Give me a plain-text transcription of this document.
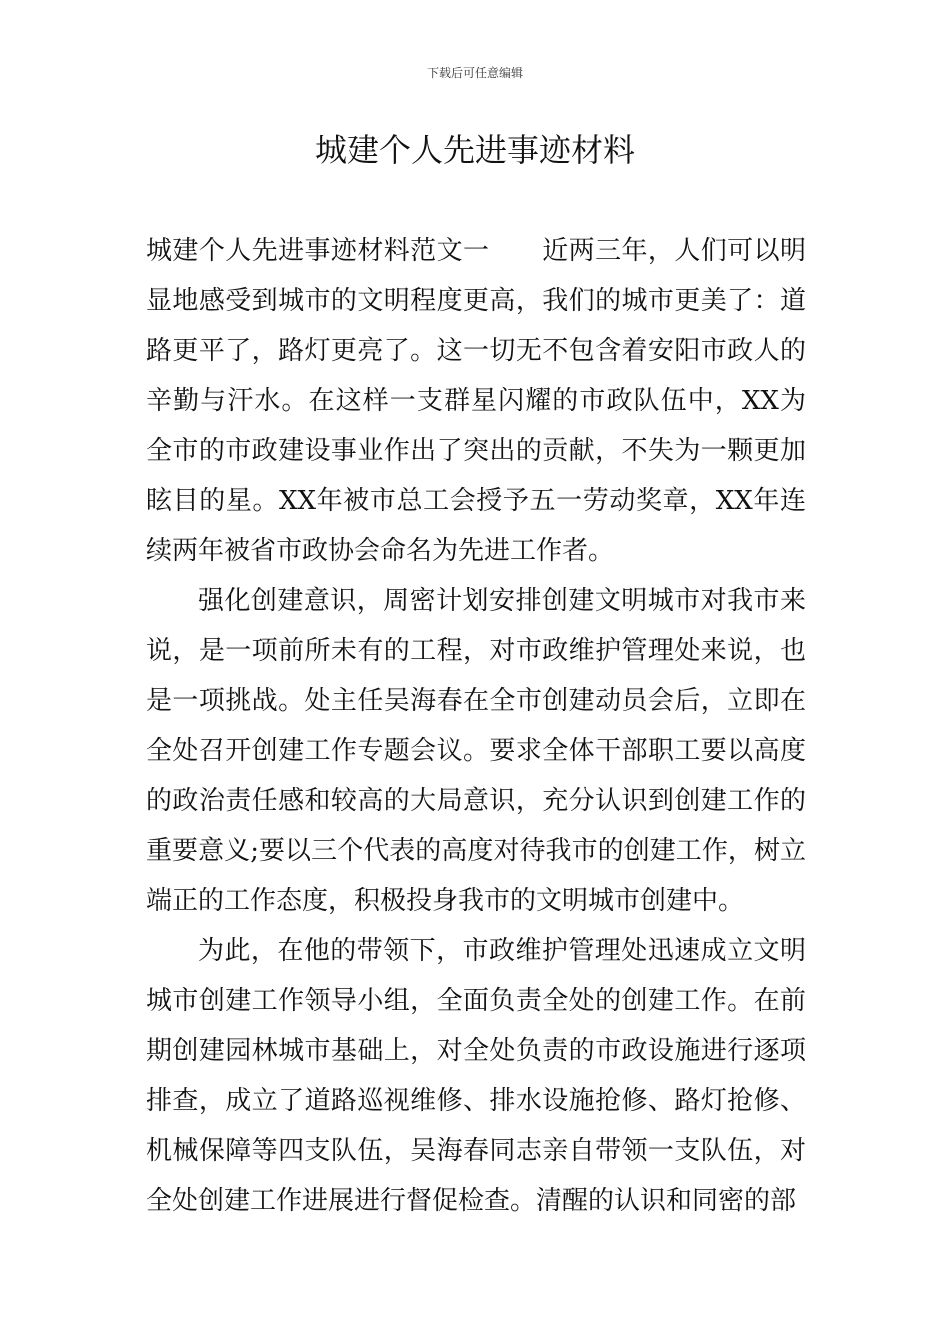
下载后可任意编辑
城建个人先进事迹材料

城建个人先进事迹材料范文一　　近两三年，人们可以明显地感受到城市的文明程度更高，我们的城市更美了：道路更平了，路灯更亮了。这一切无不包含着安阳市政人的辛勤与汗水。在这样一支群星闪耀的市政队伍中，XX为全市的市政建设事业作出了突出的贡献，不失为一颗更加眩目的星。XX年被市总工会授予五一劳动奖章，XX年连续两年被省市政协会命名为先进工作者。

强化创建意识，周密计划安排创建文明城市对我市来说，是一项前所未有的工程，对市政维护管理处来说，也是一项挑战。处主任吴海春在全市创建动员会后，立即在全处召开创建工作专题会议。要求全体干部职工要以高度的政治责任感和较高的大局意识，充分认识到创建工作的重要意义;要以三个代表的高度对待我市的创建工作，树立端正的工作态度，积极投身我市的文明城市创建中。

为此，在他的带领下，市政维护管理处迅速成立文明城市创建工作领导小组，全面负责全处的创建工作。在前期创建园林城市基础上，对全处负责的市政设施进行逐项排查，成立了道路巡视维修、排水设施抢修、路灯抢修、机械保障等四支队伍，吴海春同志亲自带领一支队伍，对全处创建工作进展进行督促检查。清醒的认识和同密的部
